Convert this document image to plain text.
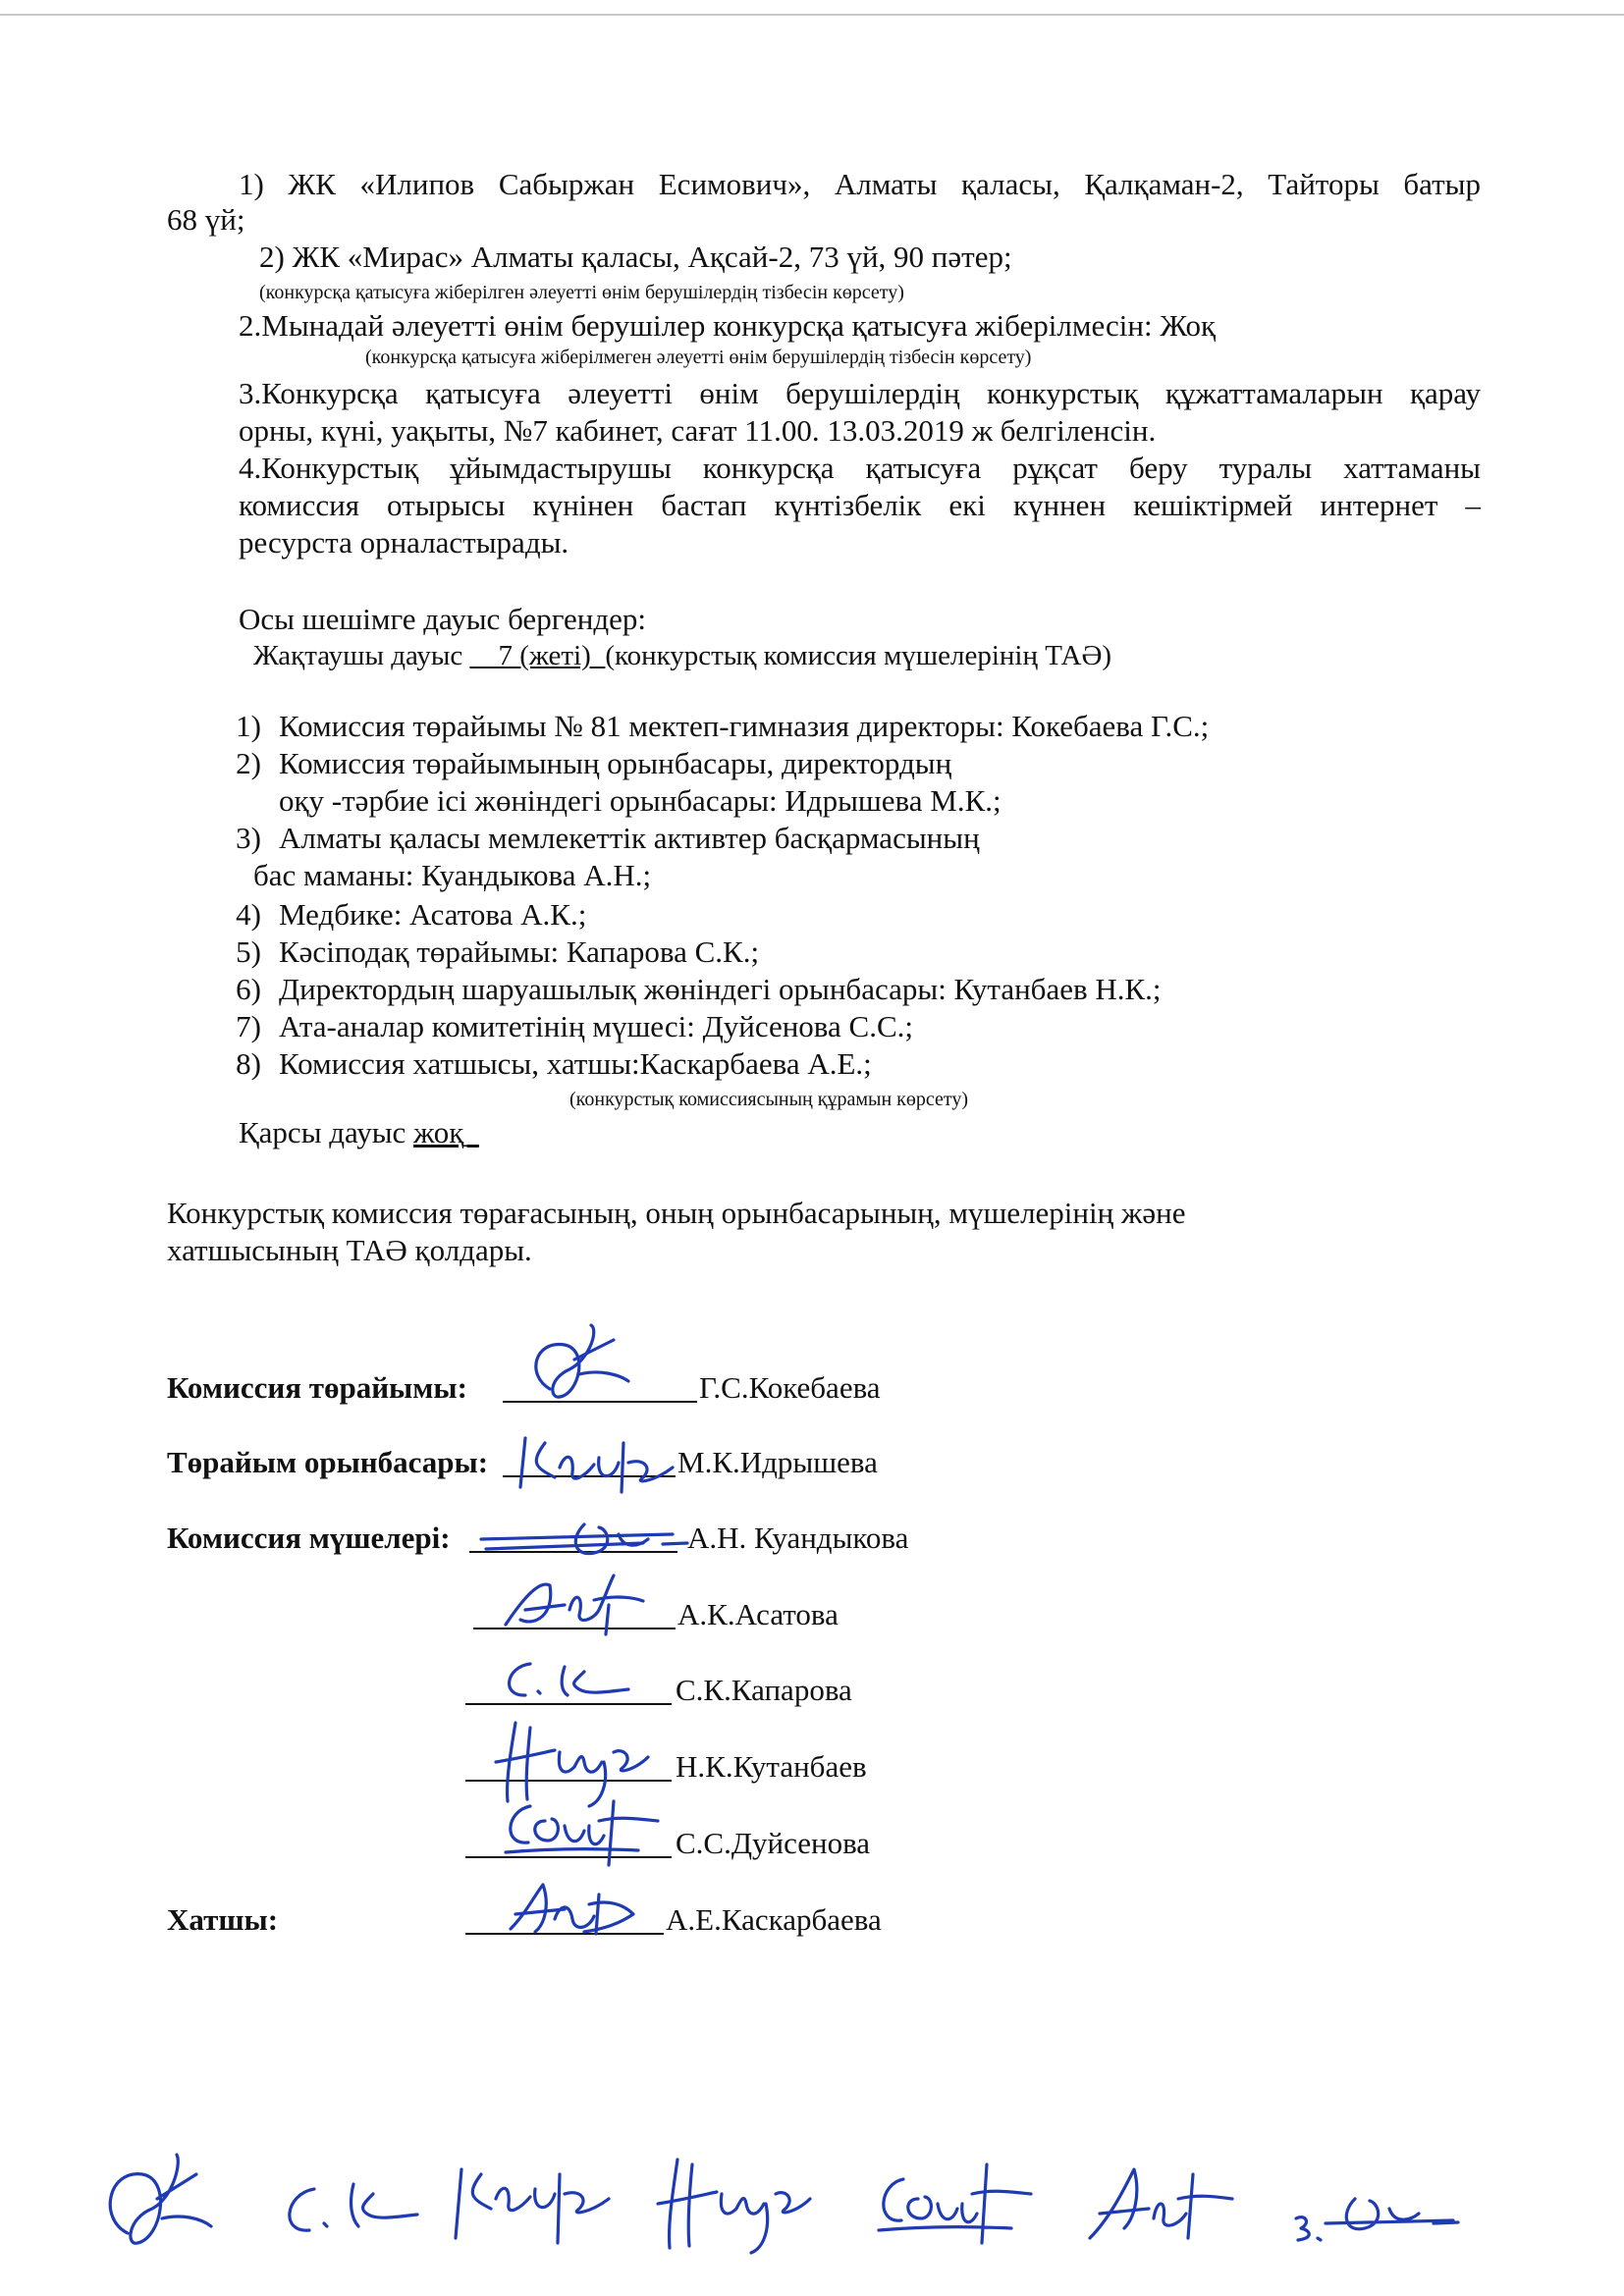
1) ЖК «Илипов Сабыржан Есимович», Алматы қаласы, Қалқаман-2, Тайторы батыр
68 үй;
2) ЖК «Мирас» Алматы қаласы, Ақсай-2, 73 үй, 90 пәтер;
(конкурсқа қатысуға жіберілген әлеуетті өнім берушілердің тізбесін көрсету)
2.Мынадай әлеуетті өнім берушілер конкурсқа қатысуға жіберілмесін: Жоқ
(конкурсқа қатысуға жіберілмеген әлеуетті өнім берушілердің тізбесін көрсету)
3.Конкурсқа қатысуға әлеуетті өнім берушілердің конкурстық құжаттамаларын қарау
орны, күні, уақыты, №7 кабинет, сағат 11.00. 13.03.2019 ж белгіленсін.
4.Конкурстық ұйымдастырушы конкурсқа қатысуға рұқсат беру туралы хаттаманы
комиссия отырысы күнінен бастап күнтізбелік екі күннен кешіктірмей интернет –
ресурста орналастырады.
Осы шешімге дауыс бергендер:
Жақтаушы дауыс __7 (жеті)_(конкурстық комиссия мүшелерінің ТАӘ)
1) Комиссия төрайымы № 81 мектеп-гимназия директоры: Кокебаева Г.С.;
2) Комиссия төрайымының орынбасары, директордың
оқу -тәрбие ісі жөніндегі орынбасары: Идрышева М.К.;
3) Алматы қаласы мемлекеттік активтер басқармасының
бас маманы: Куандыкова А.Н.;
4) Медбике: Асатова А.К.;
5) Кәсіподақ төрайымы: Капарова С.К.;
6) Директордың шаруашылық жөніндегі орынбасары: Кутанбаев Н.К.;
7) Ата-аналар комитетінің мүшесі: Дуйсенова С.С.;
8) Комиссия хатшысы, хатшы:Каскарбаева А.Е.;
(конкурстық комиссиясының құрамын көрсету)
Қарсы дауыс жоқ_
Конкурстық комиссия төрағасының, оның орынбасарының, мүшелерінің және
хатшысының ТАӘ қолдары.
Комиссия төрайымы:	Г.С.Кокебаева
Төрайым орынбасары:	М.К.Идрышева
Комиссия мүшелері:	А.Н. Куандыкова
А.К.Асатова
С.К.Капарова
Н.К.Кутанбаев
С.С.Дуйсенова
Хатшы:	А.Е.Каскарбаева
